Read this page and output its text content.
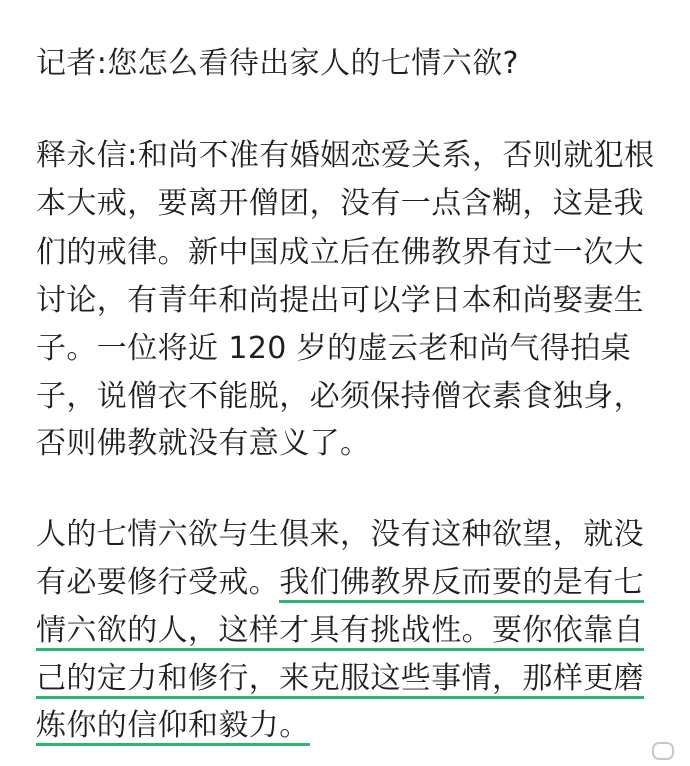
记者:您怎么看待出家人的七情六欲?
释永信:和尚不准有婚姻恋爱关系，否则就犯根
本大戒，要离开僧团，没有一点含糊，这是我
们的戒律。新中国成立后在佛教界有过一次大
讨论，有青年和尚提出可以学日本和尚娶妻生
子。一位将近 120 岁的虚云老和尚气得拍桌
子，说僧衣不能脱，必须保持僧衣素食独身，
否则佛教就没有意义了。
人的七情六欲与生俱来，没有这种欲望，就没
有必要修行受戒。我们佛教界反而要的是有七
情六欲的人，这样才具有挑战性。要你依靠自
己的定力和修行，来克服这些事情，那样更磨
炼你的信仰和毅力。
